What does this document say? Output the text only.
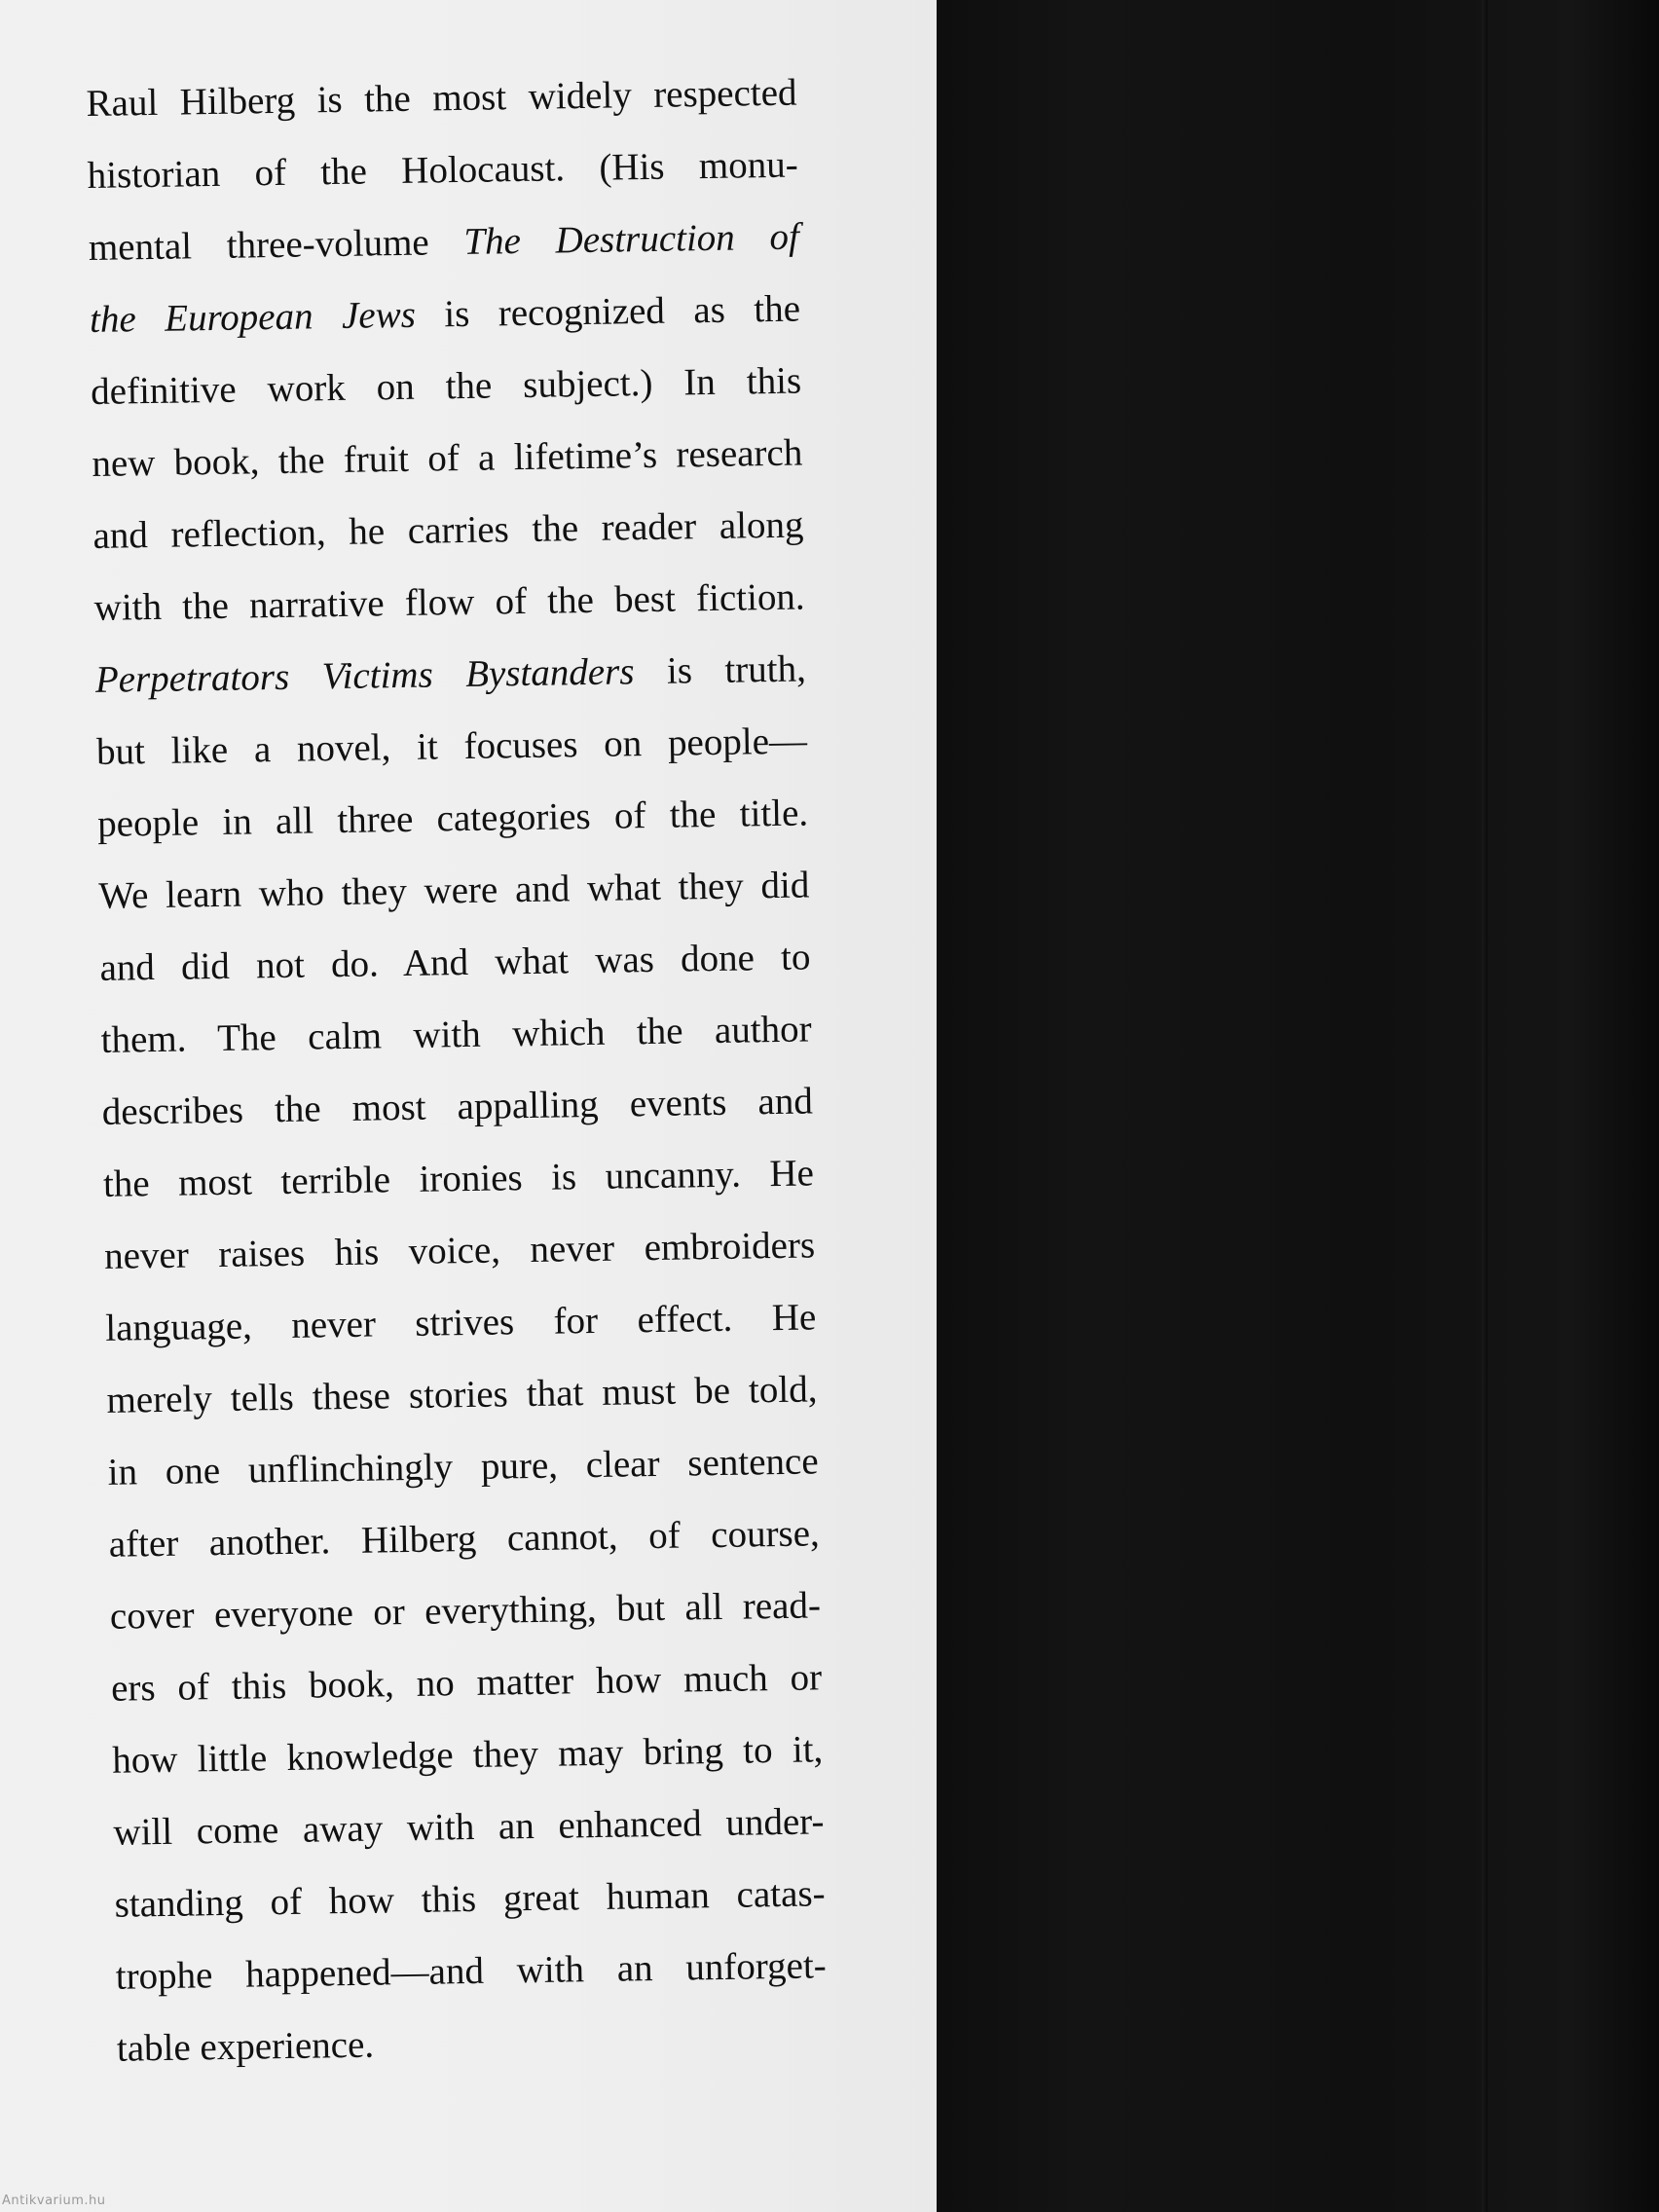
Raul Hilberg is the most widely respected
historian of the Holocaust. (His monu-
mental three-volume The Destruction of
the European Jews is recognized as the
definitive work on the subject.) In this
new book, the fruit of a lifetime’s research
and reflection, he carries the reader along
with the narrative flow of the best fiction.
Perpetrators Victims Bystanders is truth,
but like a novel, it focuses on people—
people in all three categories of the title.
We learn who they were and what they did
and did not do. And what was done to
them. The calm with which the author
describes the most appalling events and
the most terrible ironies is uncanny. He
never raises his voice, never embroiders
language, never strives for effect. He
merely tells these stories that must be told,
in one unflinchingly pure, clear sentence
after another. Hilberg cannot, of course,
cover everyone or everything, but all read-
ers of this book, no matter how much or
how little knowledge they may bring to it,
will come away with an enhanced under-
standing of how this great human catas-
trophe happened—and with an unforget-
table experience.
Antikvarium.hu
